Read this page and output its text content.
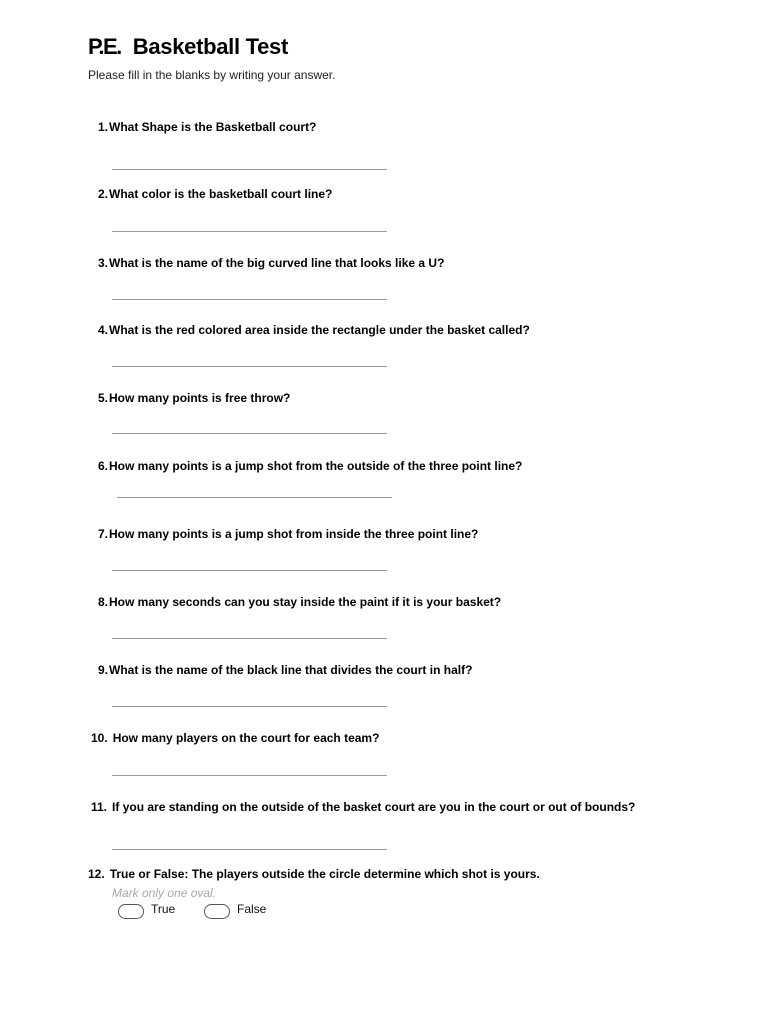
P.E. Basketball Test
Please fill in the blanks by writing your answer.
1.What Shape is the Basketball court?
2.What color is the basketball court line?
3.What is the name of the big curved line that looks like a U?
4.What is the red colored area inside the rectangle under the basket called?
5.How many points is free throw?
6.How many points is a jump shot from the outside of the three point line?
7.How many points is a jump shot from inside the three point line?
8.How many seconds can you stay inside the paint if it is your basket?
9.What is the name of the black line that divides the court in half?
10. How many players on the court for each team?
11. If you are standing on the outside of the basket court are you in the court or out of bounds?
12. True or False: The players outside the circle determine which shot is yours.
Mark only one oval.
True	False
